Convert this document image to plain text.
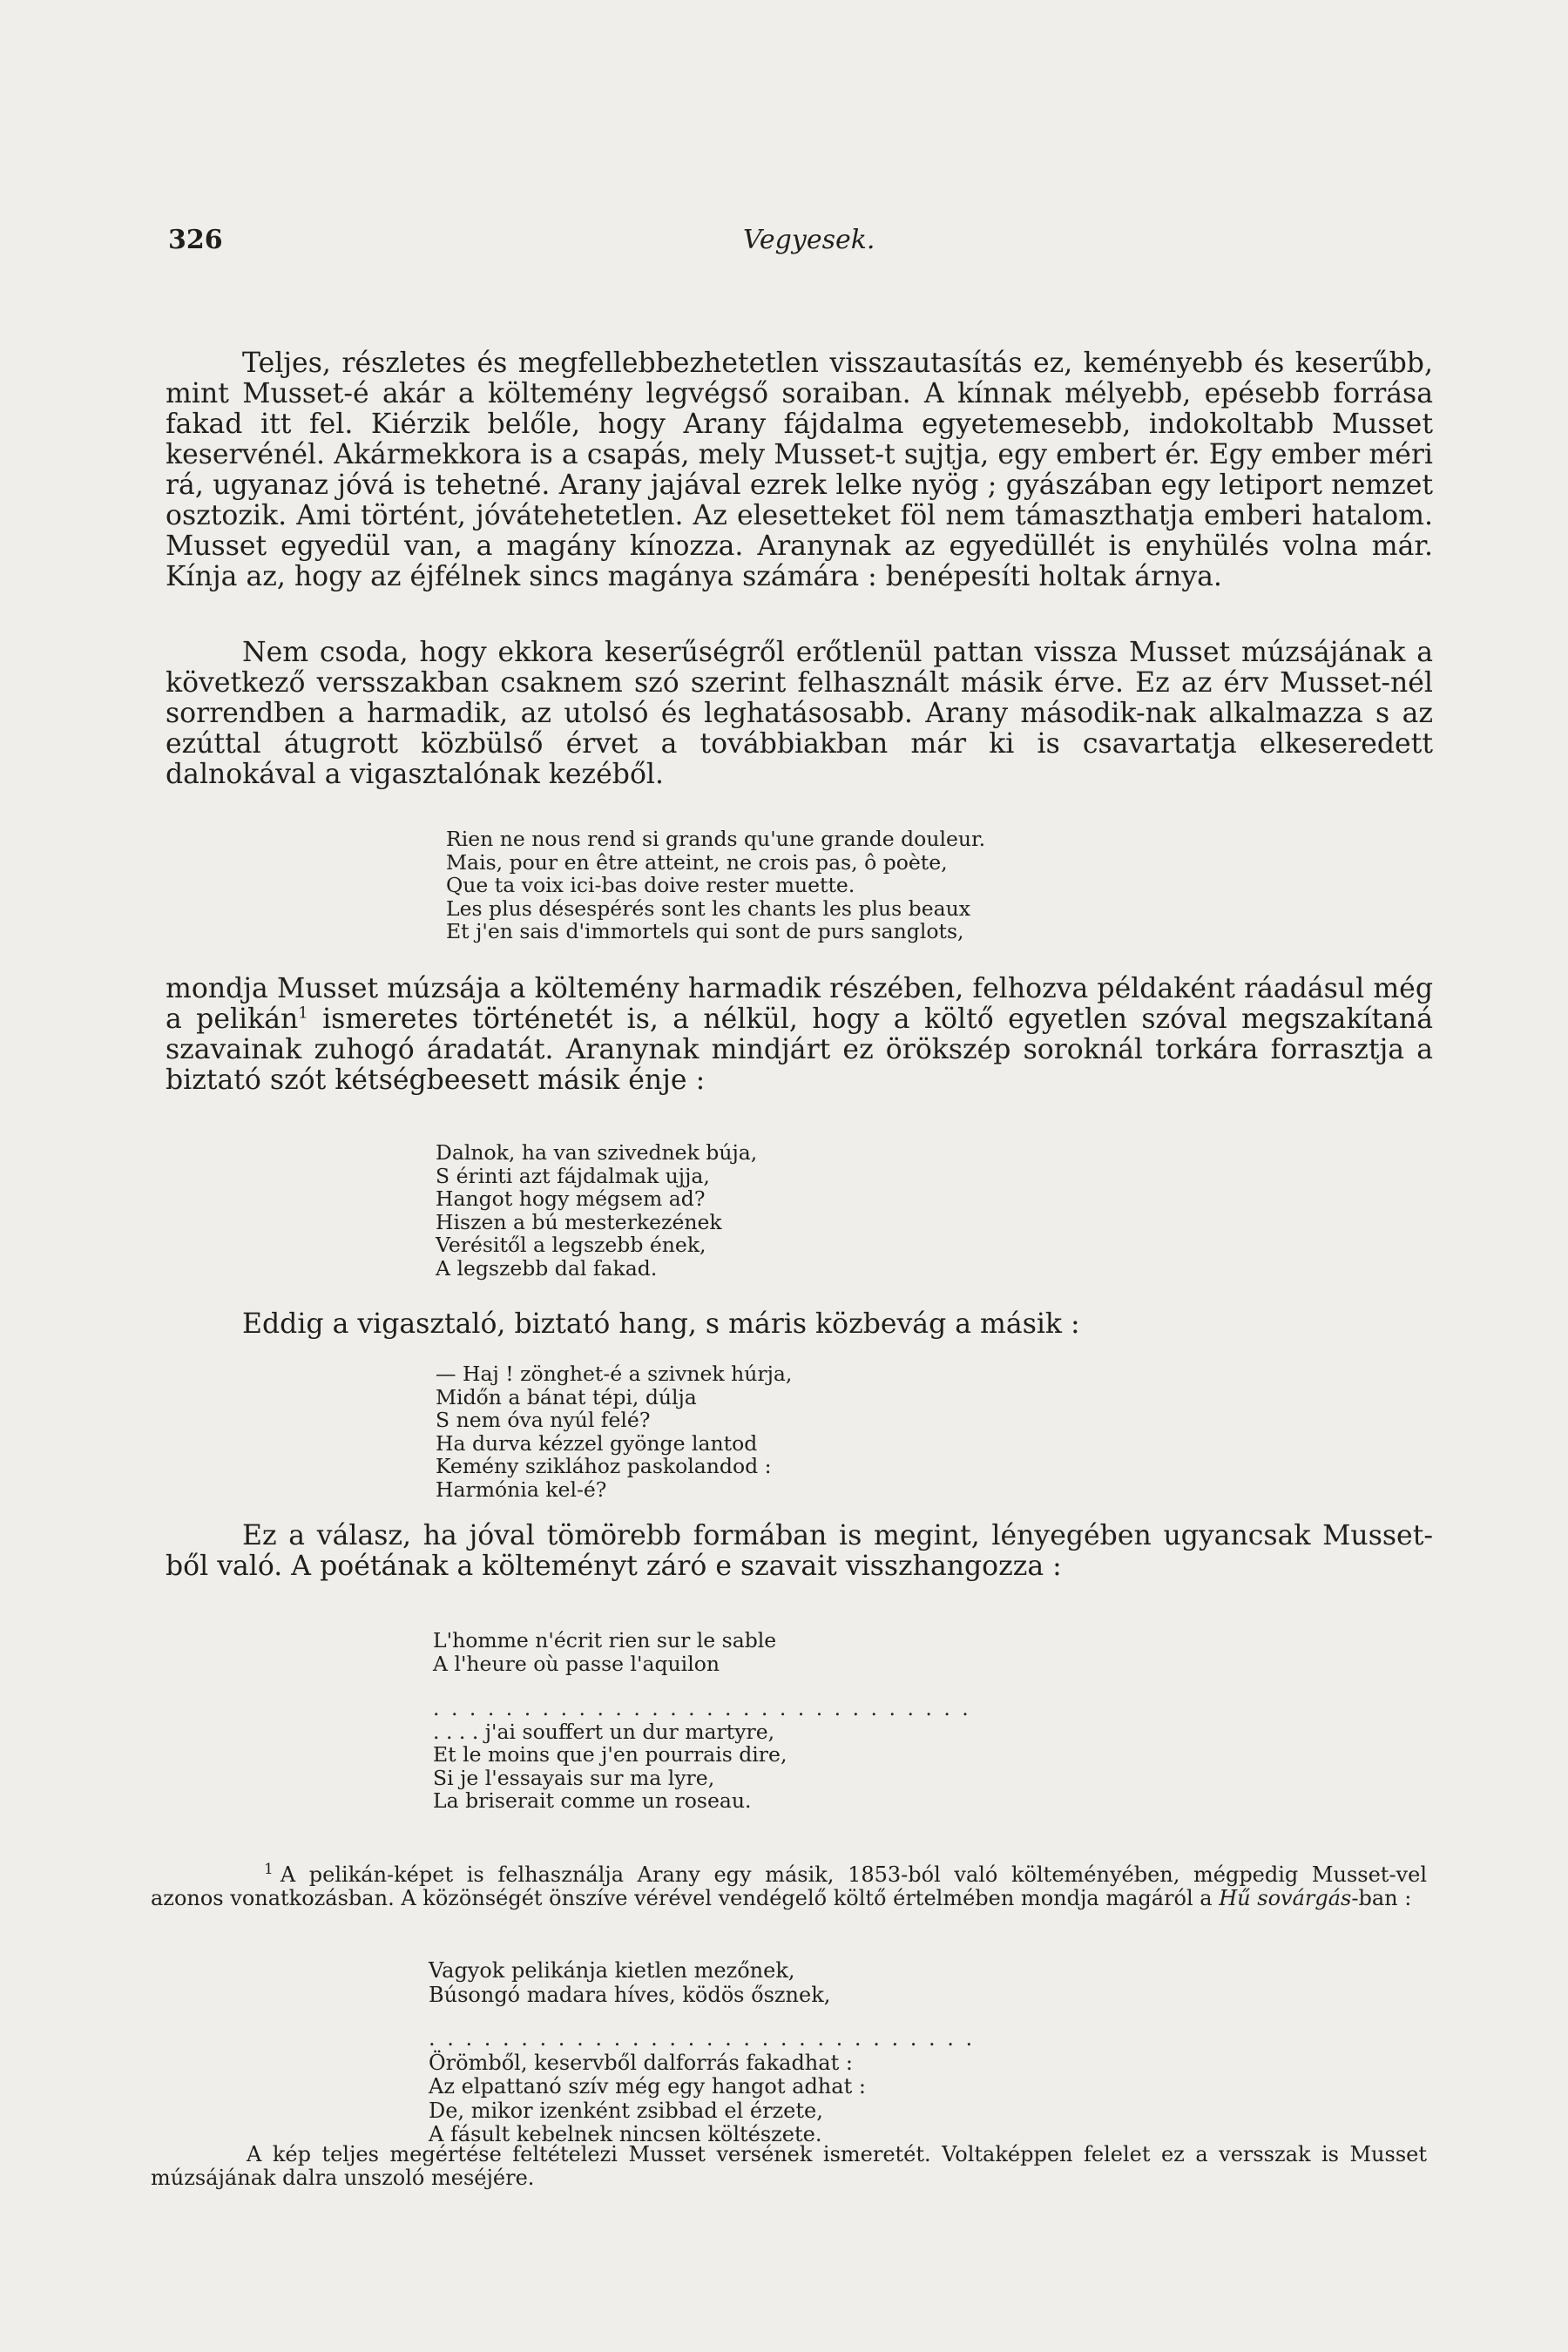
326	Vegyesek.

Teljes, részletes és megfellebbezhetetlen visszautasítás ez, keményebb és keserűbb, mint Musset-é akár a költemény legvégső soraiban. A kínnak mélyebb, epésebb forrása fakad itt fel. Kiérzik belőle, hogy Arany fájdalma egyetemesebb, indokoltabb Musset keservénél. Akármekkora is a csapás, mely Musset-t sujtja, egy embert ér. Egy ember méri rá, ugyanaz jóvá is tehetné. Arany jajával ezrek lelke nyög ; gyászában egy letiport nemzet osztozik. Ami történt, jóvátehetetlen. Az elesetteket föl nem támaszthatja emberi hatalom. Musset egyedül van, a magány kínozza. Aranynak az egyedüllét is enyhülés volna már. Kínja az, hogy az éjfélnek sincs magánya számára : benépesíti holtak árnya.

Nem csoda, hogy ekkora keserűségről erőtlenül pattan vissza Musset múzsájának a következő versszakban csaknem szó szerint felhasznált másik érve. Ez az érv Musset-nél sorrendben a harmadik, az utolsó és leghatásosabb. Arany második-nak alkalmazza s az ezúttal átugrott közbülső érvet a továbbiakban már ki is csavartatja elkeseredett dalnokával a vigasztalónak kezéből.

Rien ne nous rend si grands qu'une grande douleur.
Mais, pour en être atteint, ne crois pas, ô poète,
Que ta voix ici-bas doive rester muette.
Les plus désespérés sont les chants les plus beaux
Et j'en sais d'immortels qui sont de purs sanglots,

mondja Musset múzsája a költemény harmadik részében, felhozva példaként ráadásul még a pelikán$^1$ ismeretes történetét is, a nélkül, hogy a költő egyetlen szóval megszakítaná szavainak zuhogó áradatát. Aranynak mindjárt ez örökszép soroknál torkára forrasztja a biztató szót kétségbeesett másik énje :

Dalnok, ha van szivednek búja,
S érinti azt fájdalmak ujja,
Hangot hogy mégsem ad?
Hiszen a bú mesterkezének
Verésitől a legszebb ének,
A legszebb dal fakad.

Eddig a vigasztaló, biztató hang, s máris közbevág a másik :

— Haj ! zönghet-é a szivnek húrja,
Midőn a bánat tépi, dúlja
S nem óva nyúl felé?
Ha durva kézzel gyönge lantod
Kemény sziklához paskolandod :
Harmónia kel-é?

Ez a válasz, ha jóval tömörebb formában is megint, lényegében ugyancsak Musset-ből való. A poétának a költeményt záró e szavait visszhangozza :

L'homme n'écrit rien sur le sable
A l'heure où passe l'aquilon
. . . . . . . . . . . . . . . . . . . . . . . . . . . . . .
. . . . j'ai souffert un dur martyre,
Et le moins que j'en pourrais dire,
Si je l'essayais sur ma lyre,
La briserait comme un roseau.

$^1$ A pelikán-képet is felhasználja Arany egy másik, 1853-ból való költeményében, mégpedig Musset-vel azonos vonatkozásban. A közönségét önszíve vérével vendégelő költő értelmében mondja magáról a Hű sovárgás-ban :

Vagyok pelikánja kietlen mezőnek,
Búsongó madara híves, ködös ősznek,
. . . . . . . . . . . . . . . . . . . . . . . . . . . . . .
Örömből, keservből dalforrás fakadhat :
Az elpattanó szív még egy hangot adhat :
De, mikor izenként zsibbad el érzete,
A fásult kebelnek nincsen költészete.

A kép teljes megértése feltételezi Musset versének ismeretét. Voltaképpen felelet ez a versszak is Musset múzsájának dalra unszoló meséjére.
